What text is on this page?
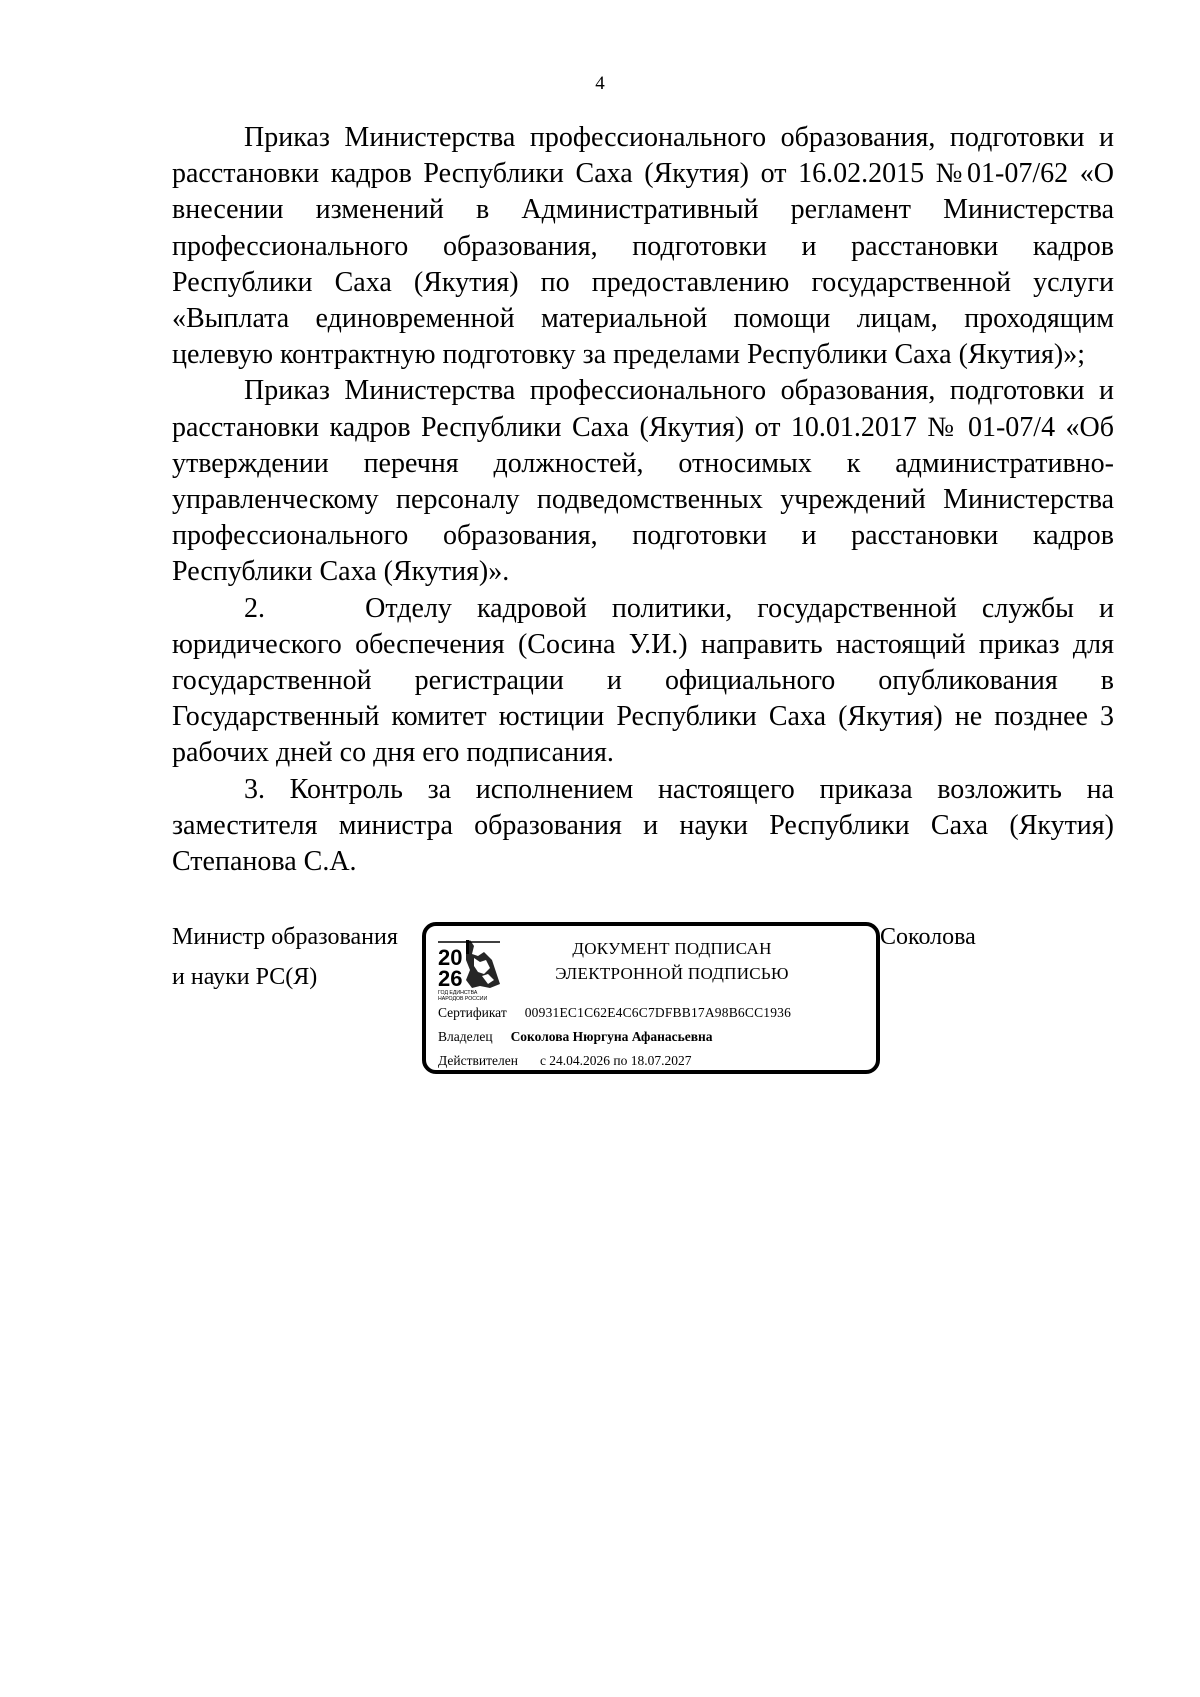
4

Приказ Министерства профессионального образования, подготовки и расстановки кадров Республики Саха (Якутия) от 16.02.2015 №01-07/62 «О внесении изменений в Административный регламент Министерства профессионального образования, подготовки и расстановки кадров Республики Саха (Якутия) по предоставлению государственной услуги «Выплата единовременной материальной помощи лицам, проходящим целевую контрактную подготовку за пределами Республики Саха (Якутия)»;

Приказ Министерства профессионального образования, подготовки и расстановки кадров Республики Саха (Якутия) от 10.01.2017 № 01-07/4 «Об утверждении перечня должностей, относимых к административно-управленческому персоналу подведомственных учреждений Министерства профессионального образования, подготовки и расстановки кадров Республики Саха (Якутия)».

2.    Отделу кадровой политики, государственной службы и юридического обеспечения (Сосина У.И.) направить настоящий приказ для государственной регистрации и официального опубликования в Государственный комитет юстиции Республики Саха (Якутия) не позднее 3 рабочих дней со дня его подписания.

3. Контроль за исполнением настоящего приказа возложить на заместителя министра образования и науки Республики Саха (Якутия) Степанова С.А.

Министр образования
и науки РС(Я)
20
26
ГОД ЕДИНСТВА
НАРОДОВ РОССИИ
ДОКУМЕНТ ПОДПИСАН
ЭЛЕКТРОННОЙ ПОДПИСЬЮ
Сертификат 00931EC1C62E4C6C7DFBB17A98B6CC1936
Владелец Соколова Нюргуна Афанасьевна
Действителен с 24.04.2026 по 18.07.2027
Соколова
